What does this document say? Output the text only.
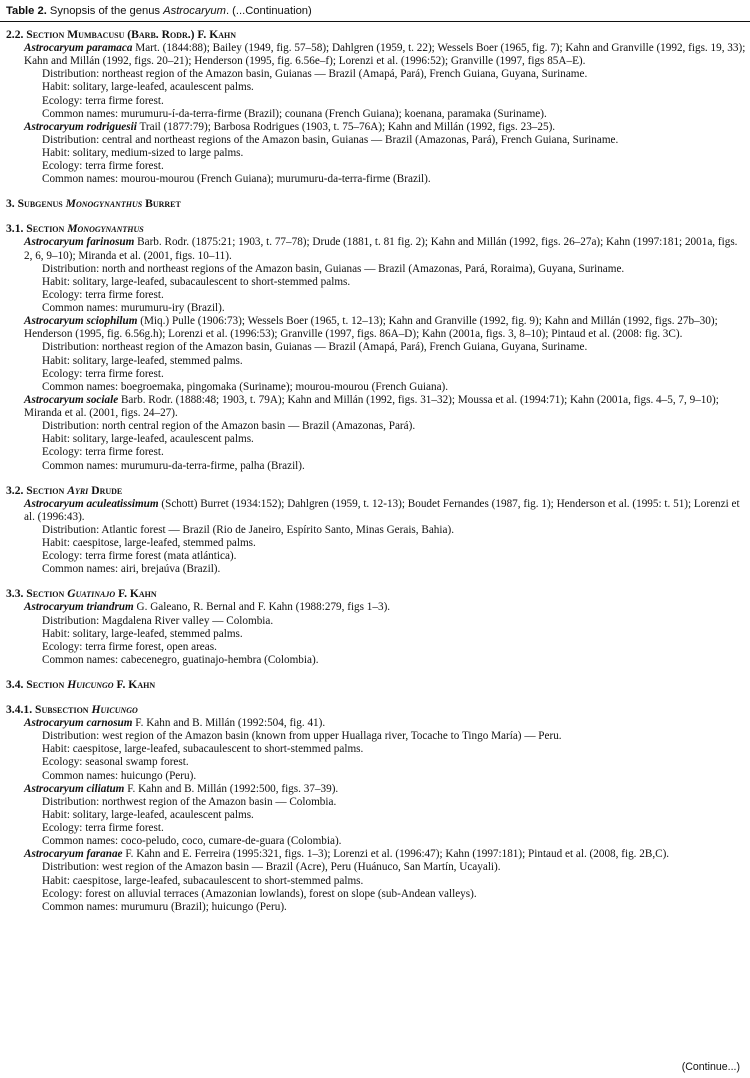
Table 2. Synopsis of the genus Astrocaryum. (...Continuation)
2.2. Section Mumbacusu (Barb. Rodr.) F. Kahn
Astrocaryum paramaca Mart. (1844:88); Bailey (1949, fig. 57–58); Dahlgren (1959, t. 22); Wessels Boer (1965, fig. 7); Kahn and Granville (1992, figs. 19, 33); Kahn and Millán (1992, figs. 20–21); Henderson (1995, fig. 6.56e–f); Lorenzi et al. (1996:52); Granville (1997, figs 85A–E).
Distribution: northeast region of the Amazon basin, Guianas — Brazil (Amapá, Pará), French Guiana, Guyana, Suriname.
Habit: solitary, large-leafed, acaulescent palms.
Ecology: terra firme forest.
Common names: murumuru-í-da-terra-firme (Brazil); counana (French Guiana); koenana, paramaka (Suriname).
Astrocaryum rodriguesii Trail (1877:79); Barbosa Rodrigues (1903, t. 75–76A); Kahn and Millán (1992, figs. 23–25).
Distribution: central and northeast regions of the Amazon basin, Guianas — Brazil (Amazonas, Pará), French Guiana, Suriname.
Habit: solitary, medium-sized to large palms.
Ecology: terra firme forest.
Common names: mourou-mourou (French Guiana); murumuru-da-terra-firme (Brazil).
3. Subgenus Monogynanthus Burret
3.1. Section Monogynanthus
Astrocaryum farinosum Barb. Rodr. (1875:21; 1903, t. 77–78); Drude (1881, t. 81 fig. 2); Kahn and Millán (1992, figs. 26–27a); Kahn (1997:181; 2001a, figs. 2, 6, 9–10); Miranda et al. (2001, figs. 10–11).
Distribution: north and northeast regions of the Amazon basin, Guianas — Brazil (Amazonas, Pará, Roraima), Guyana, Suriname.
Habit: solitary, large-leafed, subacaulescent to short-stemmed palms.
Ecology: terra firme forest.
Common names: murumuru-iry (Brazil).
Astrocaryum sciophilum (Miq.) Pulle (1906:73); Wessels Boer (1965, t. 12–13); Kahn and Granville (1992, fig. 9); Kahn and Millán (1992, figs. 27b–30); Henderson (1995, fig. 6.56g.h); Lorenzi et al. (1996:53); Granville (1997, figs. 86A–D); Kahn (2001a, figs. 3, 8–10); Pintaud et al. (2008: fig. 3C).
Distribution: northeast region of the Amazon basin, Guianas — Brazil (Amapá, Pará), French Guiana, Guyana, Suriname.
Habit: solitary, large-leafed, stemmed palms.
Ecology: terra firme forest.
Common names: boegroemaka, pingomaka (Suriname); mourou-mourou (French Guiana).
Astrocaryum sociale Barb. Rodr. (1888:48; 1903, t. 79A); Kahn and Millán (1992, figs. 31–32); Moussa et al. (1994:71); Kahn (2001a, figs. 4–5, 7, 9–10); Miranda et al. (2001, figs. 24–27).
Distribution: north central region of the Amazon basin — Brazil (Amazonas, Pará).
Habit: solitary, large-leafed, acaulescent palms.
Ecology: terra firme forest.
Common names: murumuru-da-terra-firme, palha (Brazil).
3.2. Section Ayri Drude
Astrocaryum aculeatissimum (Schott) Burret (1934:152); Dahlgren (1959, t. 12-13); Boudet Fernandes (1987, fig. 1); Henderson et al. (1995: t. 51); Lorenzi et al. (1996:43).
Distribution: Atlantic forest — Brazil (Rio de Janeiro, Espírito Santo, Minas Gerais, Bahia).
Habit: caespitose, large-leafed, stemmed palms.
Ecology: terra firme forest (mata atlántica).
Common names: airi, brejaúva (Brazil).
3.3. Section Guatinajo F. Kahn
Astrocaryum triandrum G. Galeano, R. Bernal and F. Kahn (1988:279, figs 1–3).
Distribution: Magdalena River valley — Colombia.
Habit: solitary, large-leafed, stemmed palms.
Ecology: terra firme forest, open areas.
Common names: cabecenegro, guatinajo-hembra (Colombia).
3.4. Section Huicungo F. Kahn
3.4.1. Subsection Huicungo
Astrocaryum carnosum F. Kahn and B. Millán (1992:504, fig. 41).
Distribution: west region of the Amazon basin (known from upper Huallaga river, Tocache to Tingo María) — Peru.
Habit: caespitose, large-leafed, subacaulescent to short-stemmed palms.
Ecology: seasonal swamp forest.
Common names: huicungo (Peru).
Astrocaryum ciliatum F. Kahn and B. Millán (1992:500, figs. 37–39).
Distribution: northwest region of the Amazon basin — Colombia.
Habit: solitary, large-leafed, acaulescent palms.
Ecology: terra firme forest.
Common names: coco-peludo, coco, cumare-de-guara (Colombia).
Astrocaryum faranae F. Kahn and E. Ferreira (1995:321, figs. 1–3); Lorenzi et al. (1996:47); Kahn (1997:181); Pintaud et al. (2008, fig. 2B,C).
Distribution: west region of the Amazon basin — Brazil (Acre), Peru (Huánuco, San Martín, Ucayali).
Habit: caespitose, large-leafed, subacaulescent to short-stemmed palms.
Ecology: forest on alluvial terraces (Amazonian lowlands), forest on slope (sub-Andean valleys).
Common names: murumuru (Brazil); huicungo (Peru).
(Continue...)
